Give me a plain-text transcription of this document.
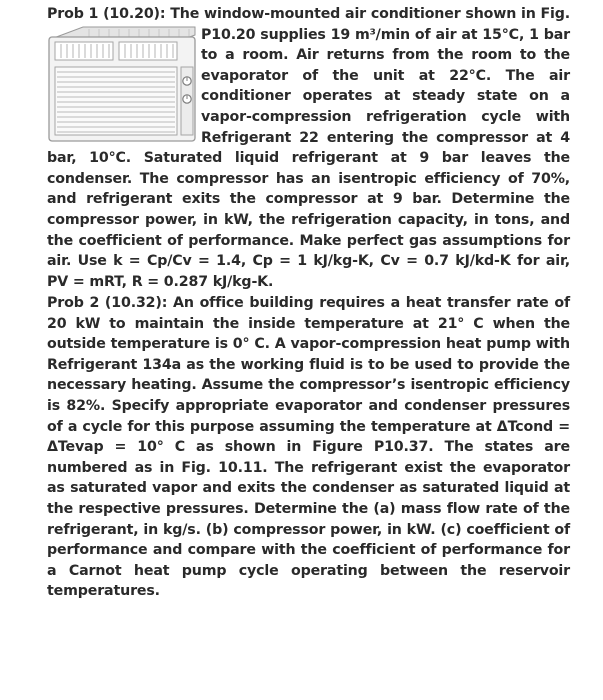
Prob 1 (10.20): The window-mounted air conditioner shown in Fig. P10.20 supplies 19 m³/min of air at 15°C, 1 bar to a room. Air returns from the room to the evaporator of the unit at 22°C. The air conditioner operates at steady state on a vapor-compression refrigeration cycle with Refrigerant 22 entering the compressor at 4 bar, 10°C. Saturated liquid refrigerant at 9 bar leaves the condenser. The compressor has an isentropic efficiency of 70%, and refrigerant exits the compressor at 9 bar. Determine the compressor power, in kW, the refrigeration capacity, in tons, and the coefficient of performance. Make perfect gas assumptions for air. Use k = Cp/Cv = 1.4, Cp = 1 kJ/kg-K, Cv = 0.7 kJ/kd-K for air, PV = mRT, R = 0.287 kJ/kg-K.
Prob 2 (10.32): An office building requires a heat transfer rate of 20 kW to maintain the inside temperature at 21° C when the outside temperature is 0° C. A vapor-compression heat pump with Refrigerant 134a as the working fluid is to be used to provide the necessary heating. Assume the compressor’s isentropic efficiency is 82%. Specify appropriate evaporator and condenser pressures of a cycle for this purpose assuming the temperature at ΔTcond = ΔTevap = 10° C as shown in Figure P10.37. The states are numbered as in Fig. 10.11. The refrigerant exist the evaporator as saturated vapor and exits the condenser as saturated liquid at the respective pressures. Determine the (a) mass flow rate of the refrigerant, in kg/s. (b) compressor power, in kW. (c) coefficient of performance and compare with the coefficient of performance for a Carnot heat pump cycle operating between the reservoir temperatures.
